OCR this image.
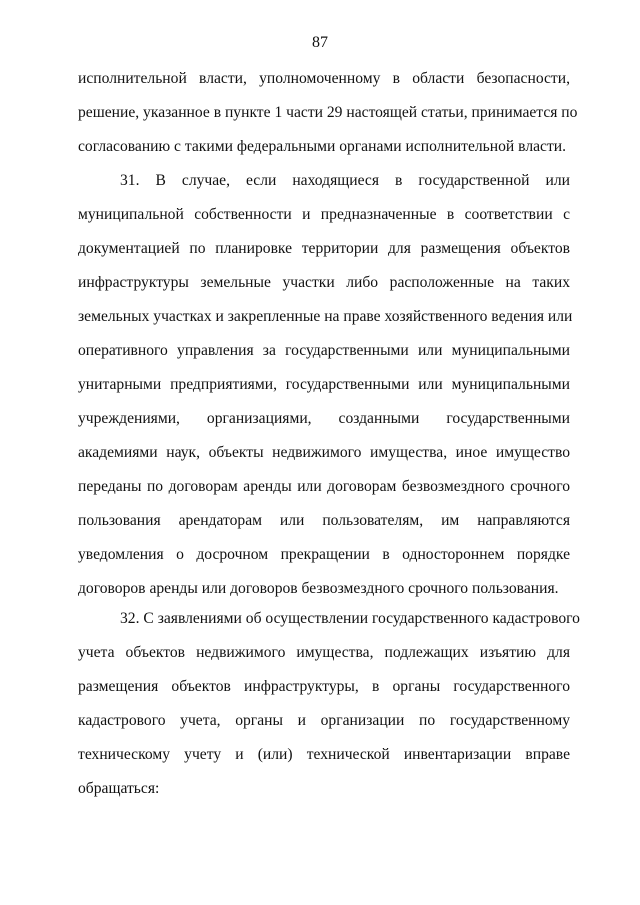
87
исполнительной власти, уполномоченному в области безопасности,
решение, указанное в пункте 1 части 29 настоящей статьи, принимается по
согласованию с такими федеральными органами исполнительной власти.
31. В случае, если находящиеся в государственной или
муниципальной собственности и предназначенные в соответствии с
документацией по планировке территории для размещения объектов
инфраструктуры земельные участки либо расположенные на таких
земельных участках и закрепленные на праве хозяйственного ведения или
оперативного управления за государственными или муниципальными
унитарными предприятиями, государственными или муниципальными
учреждениями, организациями, созданными государственными
академиями наук, объекты недвижимого имущества, иное имущество
переданы по договорам аренды или договорам безвозмездного срочного
пользования арендаторам или пользователям, им направляются
уведомления о досрочном прекращении в одностороннем порядке
договоров аренды или договоров безвозмездного срочного пользования.
32. С заявлениями об осуществлении государственного кадастрового
учета объектов недвижимого имущества, подлежащих изъятию для
размещения объектов инфраструктуры, в органы государственного
кадастрового учета, органы и организации по государственному
техническому учету и (или) технической инвентаризации вправе
обращаться:
